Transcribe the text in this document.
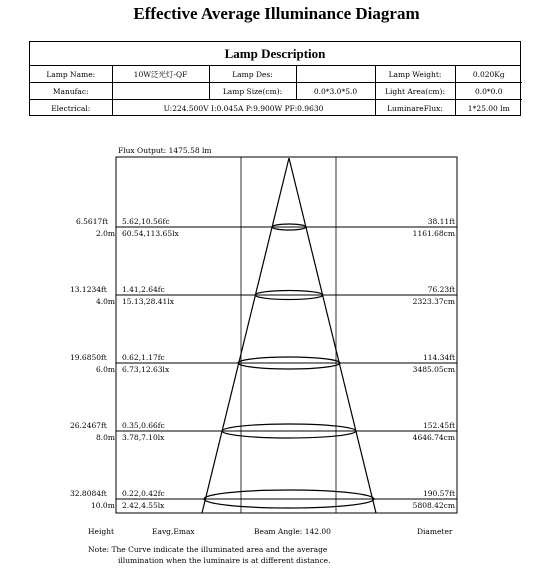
Effective Average Illuminance Diagram
Lamp Description
Lamp Name:	10W泛光灯-QF	Lamp Des:		Lamp Weight:	0.020Kg
Manufac:		Lamp Size(cm):	0.0*3.0*5.0	Light Area(cm):	0.0*0.0
Electrical:	U:224.500V I:0.045A P:9.900W PF:0.9630			LuminareFlux:	1*25.00 lm
Flux Output: 1475.58 lm
6.5617ft
2.0m
5.62,10.56fc
60.54,113.65lx
38.11ft
1161.68cm
13.1234ft
4.0m
1.41,2.64fc
15.13,28.41lx
76.23ft
2323.37cm
19.6850ft
6.0m
0.62,1.17fc
6.73,12.63lx
114.34ft
3485.05cm
26.2467ft
8.0m
0.35,0.66fc
3.78,7.10lx
152.45ft
4646.74cm
32.8084ft
10.0m
0.22,0.42fc
2.42,4.55lx
190.57ft
5808.42cm
Height	Eavg,Emax	Beam Angle: 142.00	Diameter
Note: The Curve indicate the illuminated area and the average
illumination when the luminaire is at different distance.
